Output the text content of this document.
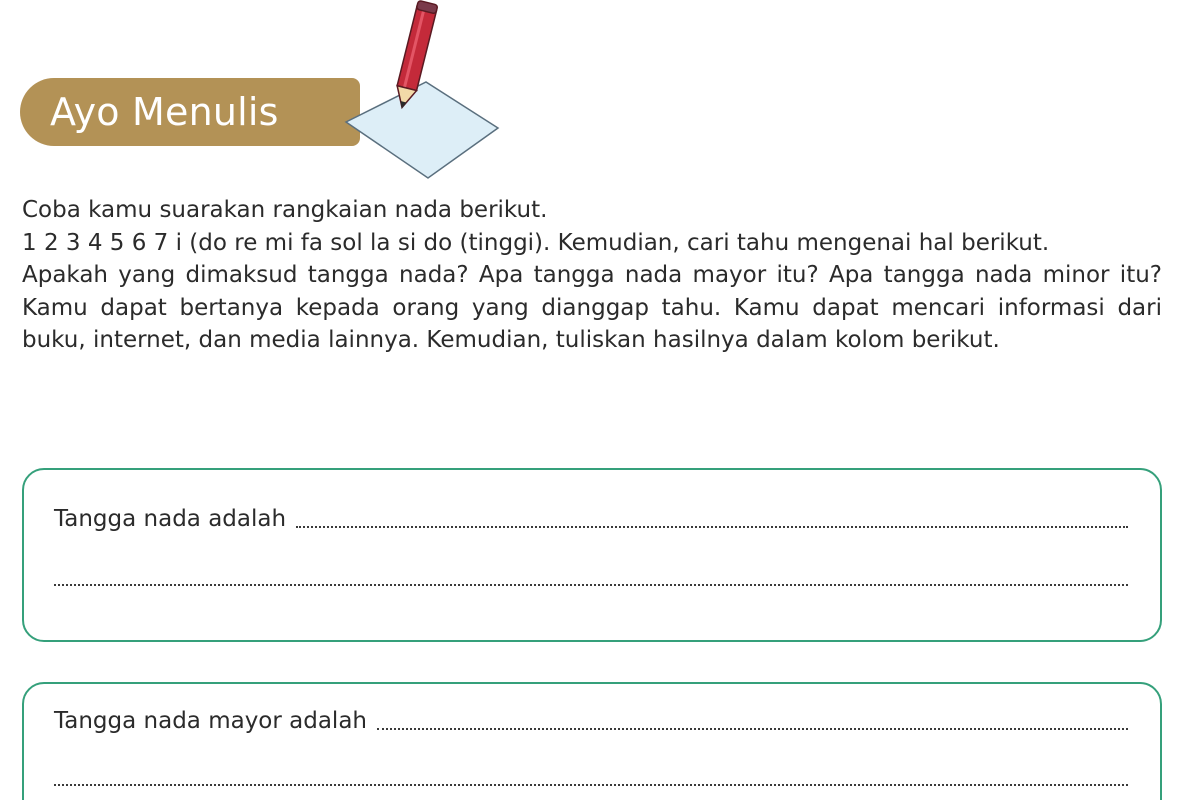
Ayo Menulis

Coba kamu suarakan rangkaian nada berikut.

1 2 3 4 5 6 7 i (do re mi fa sol la si do (tinggi). Kemudian, cari tahu mengenai hal berikut.

Apakah yang dimaksud tangga nada? Apa tangga nada mayor itu? Apa tangga nada minor itu? Kamu dapat bertanya kepada orang yang dianggap tahu. Kamu dapat mencari informasi dari buku, internet, dan media lainnya. Kemudian, tuliskan hasilnya dalam kolom berikut.

Tangga nada adalah
Tangga nada mayor adalah
